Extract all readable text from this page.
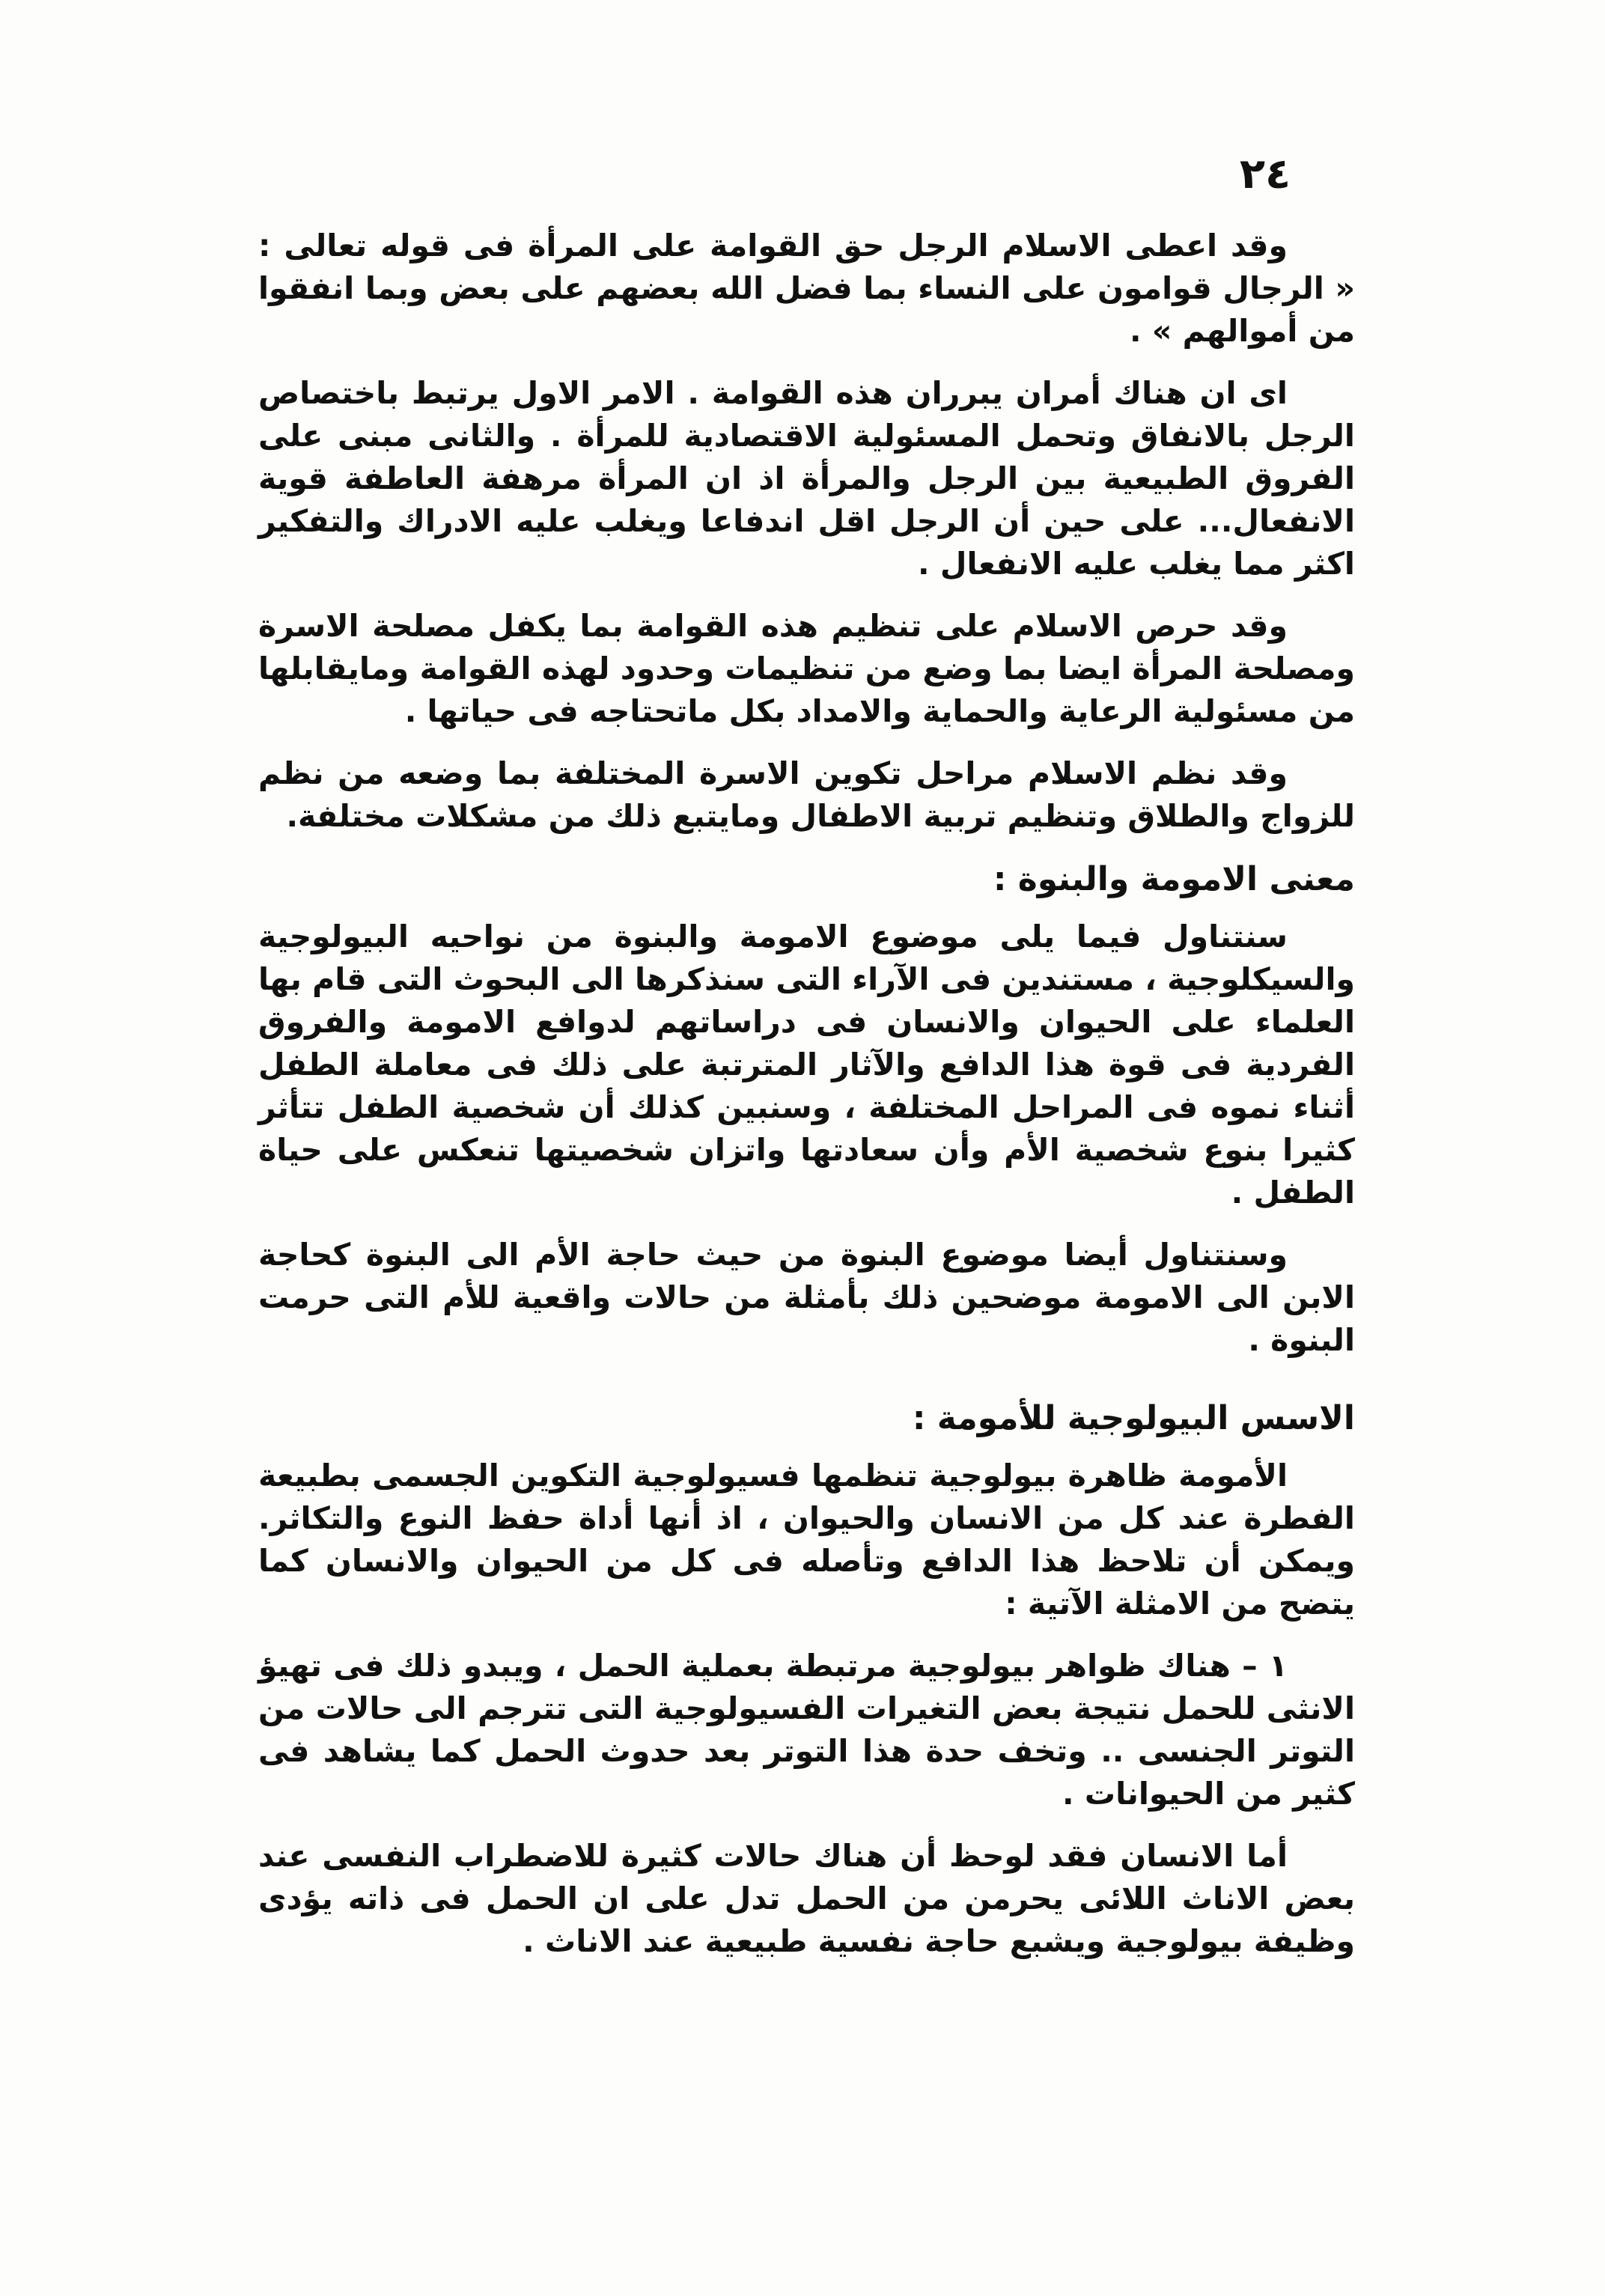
٢٤

وقد اعطى الاسلام الرجل حق القوامة على المرأة فى قوله تعالى : « الرجال قوامون على النساء بما فضل الله بعضهم على بعض وبما انفقوا من أموالهم » .

اى ان هناك أمران يبرران هذه القوامة . الامر الاول يرتبط باختصاص الرجل بالانفاق وتحمل المسئولية الاقتصادية للمرأة . والثانى مبنى على الفروق الطبيعية بين الرجل والمرأة اذ ان المرأة مرهفة العاطفة قوية الانفعال... على حين أن الرجل اقل اندفاعا ويغلب عليه الادراك والتفكير اكثر مما يغلب عليه الانفعال .

وقد حرص الاسلام على تنظيم هذه القوامة بما يكفل مصلحة الاسرة ومصلحة المرأة ايضا بما وضع من تنظيمات وحدود لهذه القوامة ومايقابلها من مسئولية الرعاية والحماية والامداد بكل ماتحتاجه فى حياتها .

وقد نظم الاسلام مراحل تكوين الاسرة المختلفة بما وضعه من نظم للزواج والطلاق وتنظيم تربية الاطفال ومايتبع ذلك من مشكلات مختلفة.

معنى الامومة والبنوة :

سنتناول فيما يلى موضوع الامومة والبنوة من نواحيه البيولوجية والسيكلوجية ، مستندين فى الآراء التى سنذكرها الى البحوث التى قام بها العلماء على الحيوان والانسان فى دراساتهم لدوافع الامومة والفروق الفردية فى قوة هذا الدافع والآثار المترتبة على ذلك فى معاملة الطفل أثناء نموه فى المراحل المختلفة ، وسنبين كذلك أن شخصية الطفل تتأثر كثيرا بنوع شخصية الأم وأن سعادتها واتزان شخصيتها تنعكس على حياة الطفل .

وسنتناول أيضا موضوع البنوة من حيث حاجة الأم الى البنوة كحاجة الابن الى الامومة موضحين ذلك بأمثلة من حالات واقعية للأم التى حرمت البنوة .

الاسس البيولوجية للأمومة :

الأمومة ظاهرة بيولوجية تنظمها فسيولوجية التكوين الجسمى بطبيعة الفطرة عند كل من الانسان والحيوان ، اذ أنها أداة حفظ النوع والتكاثر. ويمكن أن تلاحظ هذا الدافع وتأصله فى كل من الحيوان والانسان كما يتضح من الامثلة الآتية :

١ – هناك ظواهر بيولوجية مرتبطة بعملية الحمل ، ويبدو ذلك فى تهيؤ الانثى للحمل نتيجة بعض التغيرات الفسيولوجية التى تترجم الى حالات من التوتر الجنسى .. وتخف حدة هذا التوتر بعد حدوث الحمل كما يشاهد فى كثير من الحيوانات .

أما الانسان فقد لوحظ أن هناك حالات كثيرة للاضطراب النفسى عند بعض الاناث اللائى يحرمن من الحمل تدل على ان الحمل فى ذاته يؤدى وظيفة بيولوجية ويشبع حاجة نفسية طبيعية عند الاناث .
